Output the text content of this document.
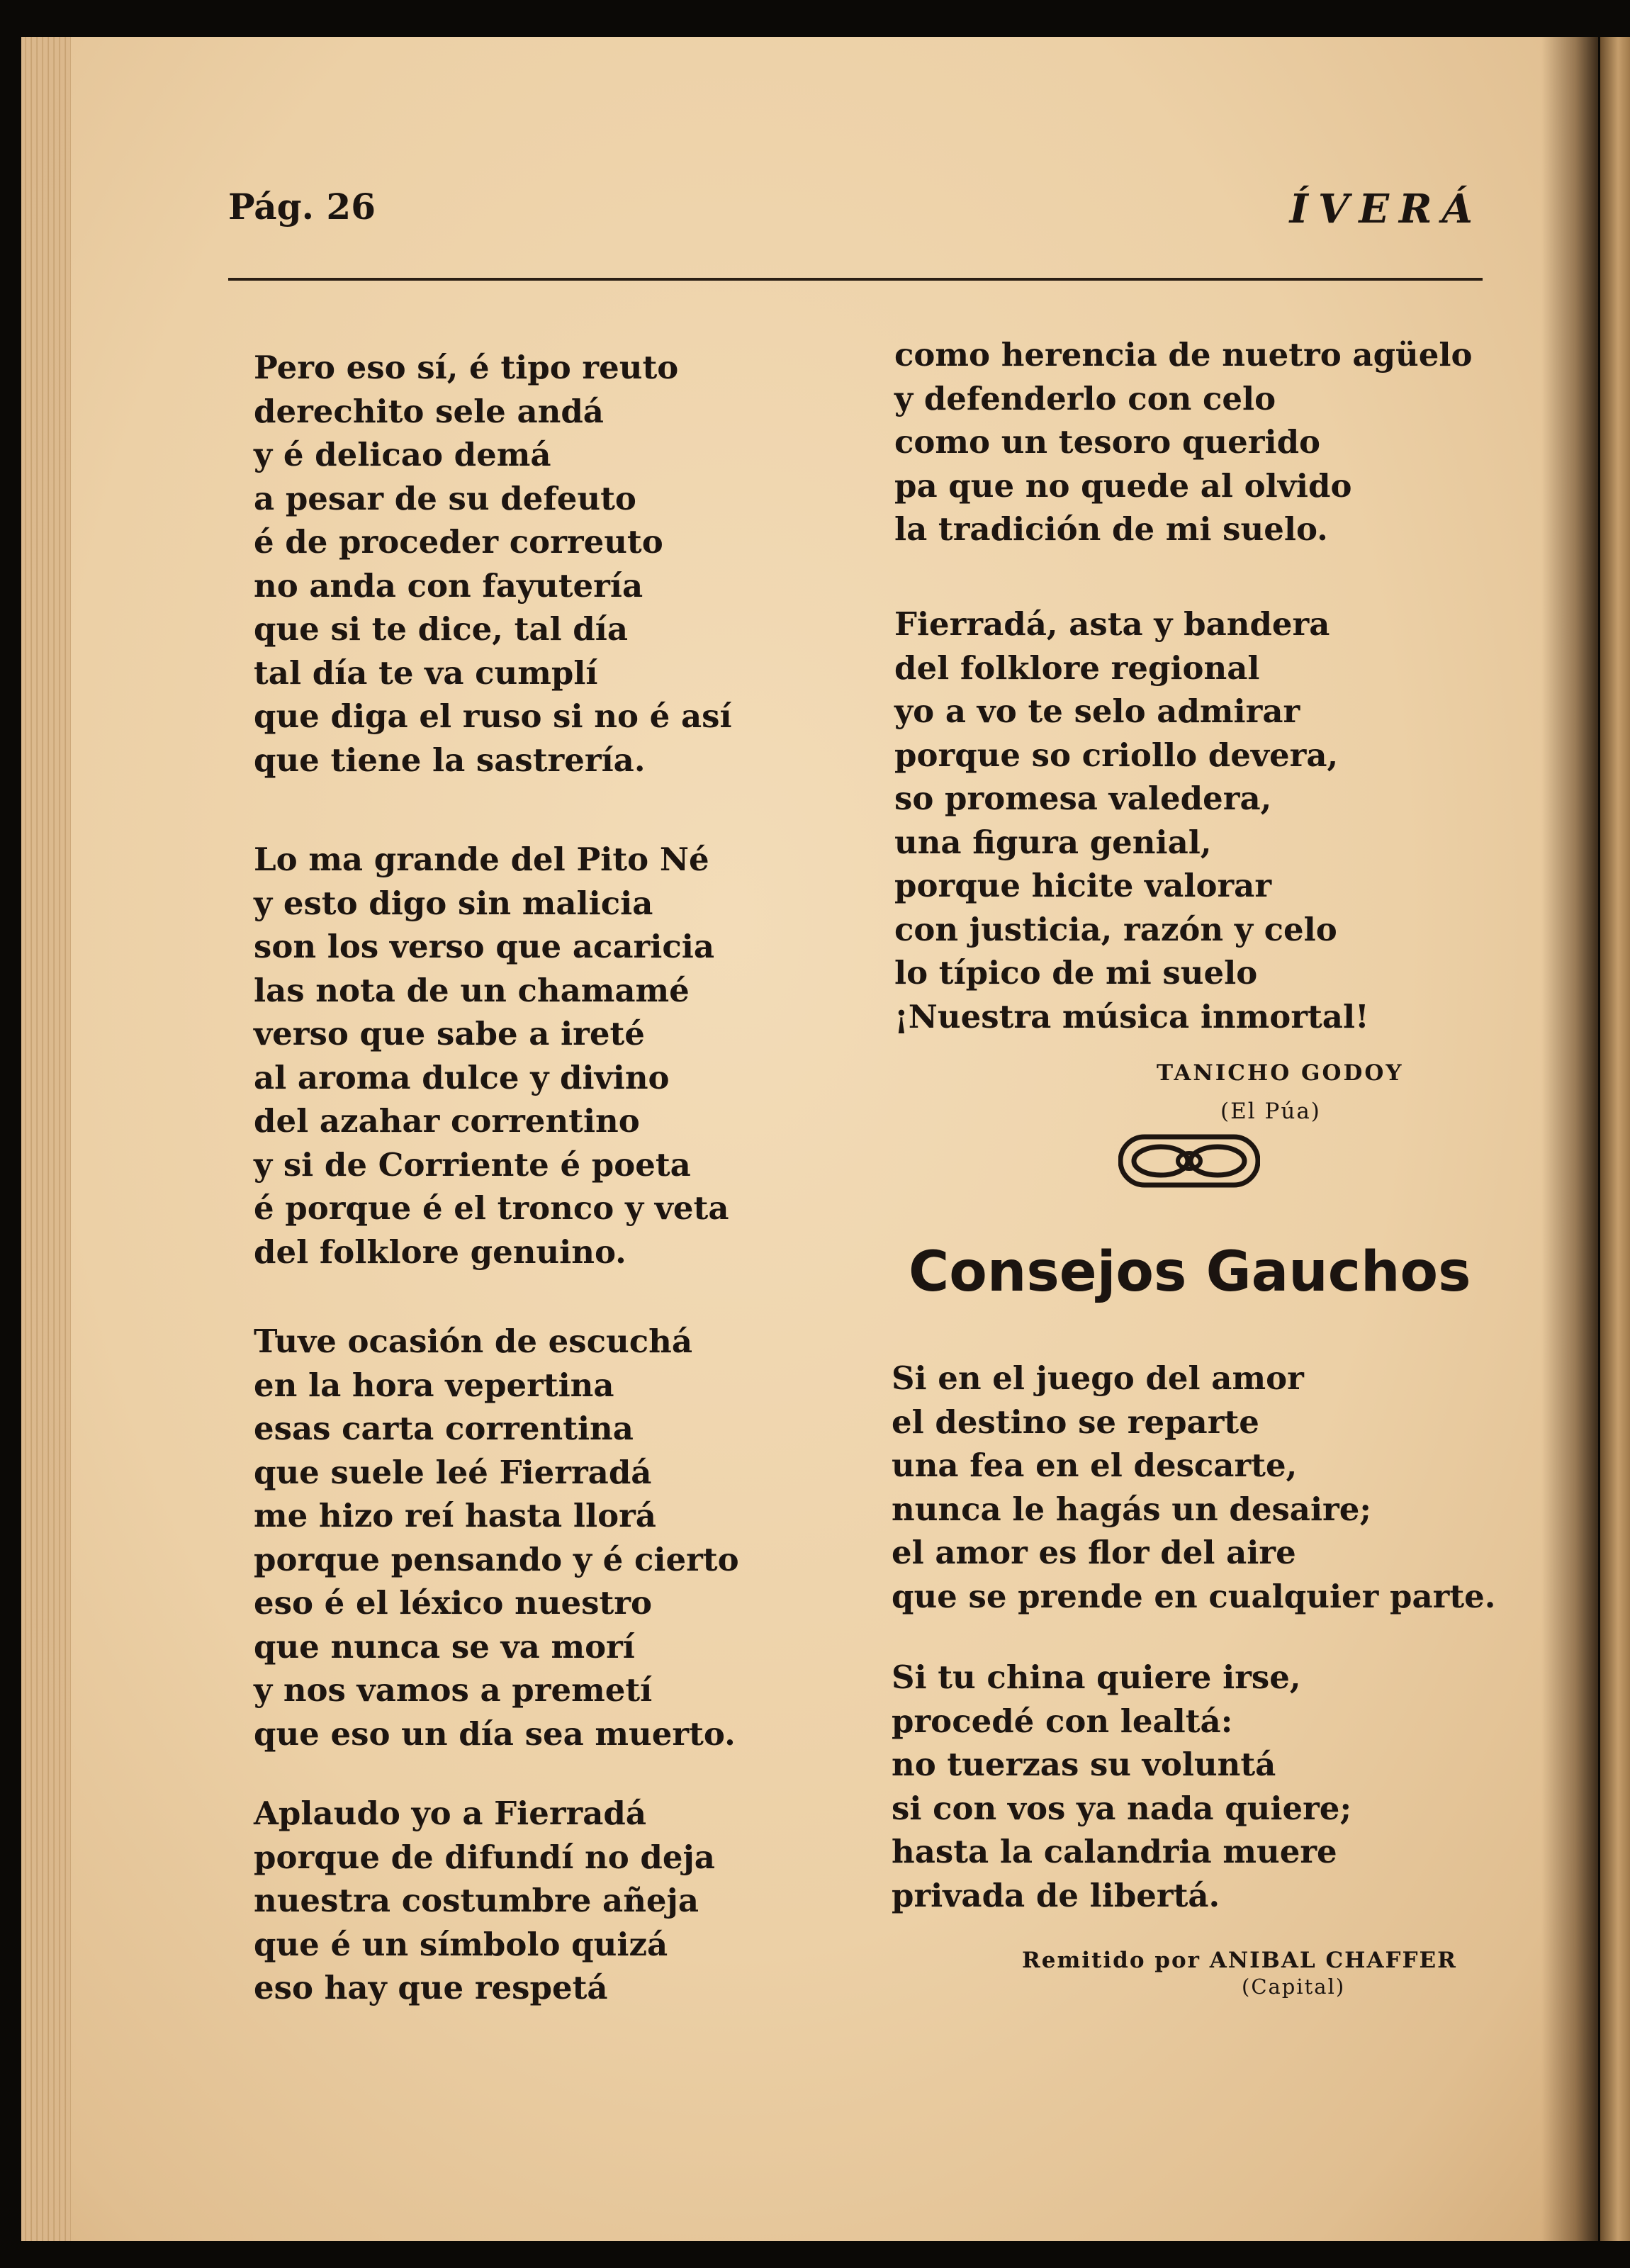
Pág. 26	ÍVERÁ
Pero eso sí, é tipo reuto
derechito sele andá
y é delicao demá
a pesar de su defeuto
é de proceder correuto
no anda con fayutería
que si te dice, tal día
tal día te va cumplí
que diga el ruso si no é así
que tiene la sastrería.
Lo ma grande del Pito Né
y esto digo sin malicia
son los verso que acaricia
las nota de un chamamé
verso que sabe a ireté
al aroma dulce y divino
del azahar correntino
y si de Corriente é poeta
é porque é el tronco y veta
del folklore genuino.
Tuve ocasión de escuchá
en la hora vepertina
esas carta correntina
que suele leé Fierradá
me hizo reí hasta llorá
porque pensando y é cierto
eso é el léxico nuestro
que nunca se va morí
y nos vamos a premetí
que eso un día sea muerto.
Aplaudo yo a Fierradá
porque de difundí no deja
nuestra costumbre añeja
que é un símbolo quizá
eso hay que respetá
como herencia de nuetro agüelo
y defenderlo con celo
como un tesoro querido
pa que no quede al olvido
la tradición de mi suelo.
Fierradá, asta y bandera
del folklore regional
yo a vo te selo admirar
porque so criollo devera,
so promesa valedera,
una figura genial,
porque hicite valorar
con justicia, razón y celo
lo típico de mi suelo
¡Nuestra música inmortal!
TANICHO GODOY
(El Púa)
Consejos Gauchos
Si en el juego del amor
el destino se reparte
una fea en el descarte,
nunca le hagás un desaire;
el amor es flor del aire
que se prende en cualquier parte.
Si tu china quiere irse,
procedé con lealtá:
no tuerzas su voluntá
si con vos ya nada quiere;
hasta la calandria muere
privada de libertá.
Remitido por ANIBAL CHAFFER
(Capital)
